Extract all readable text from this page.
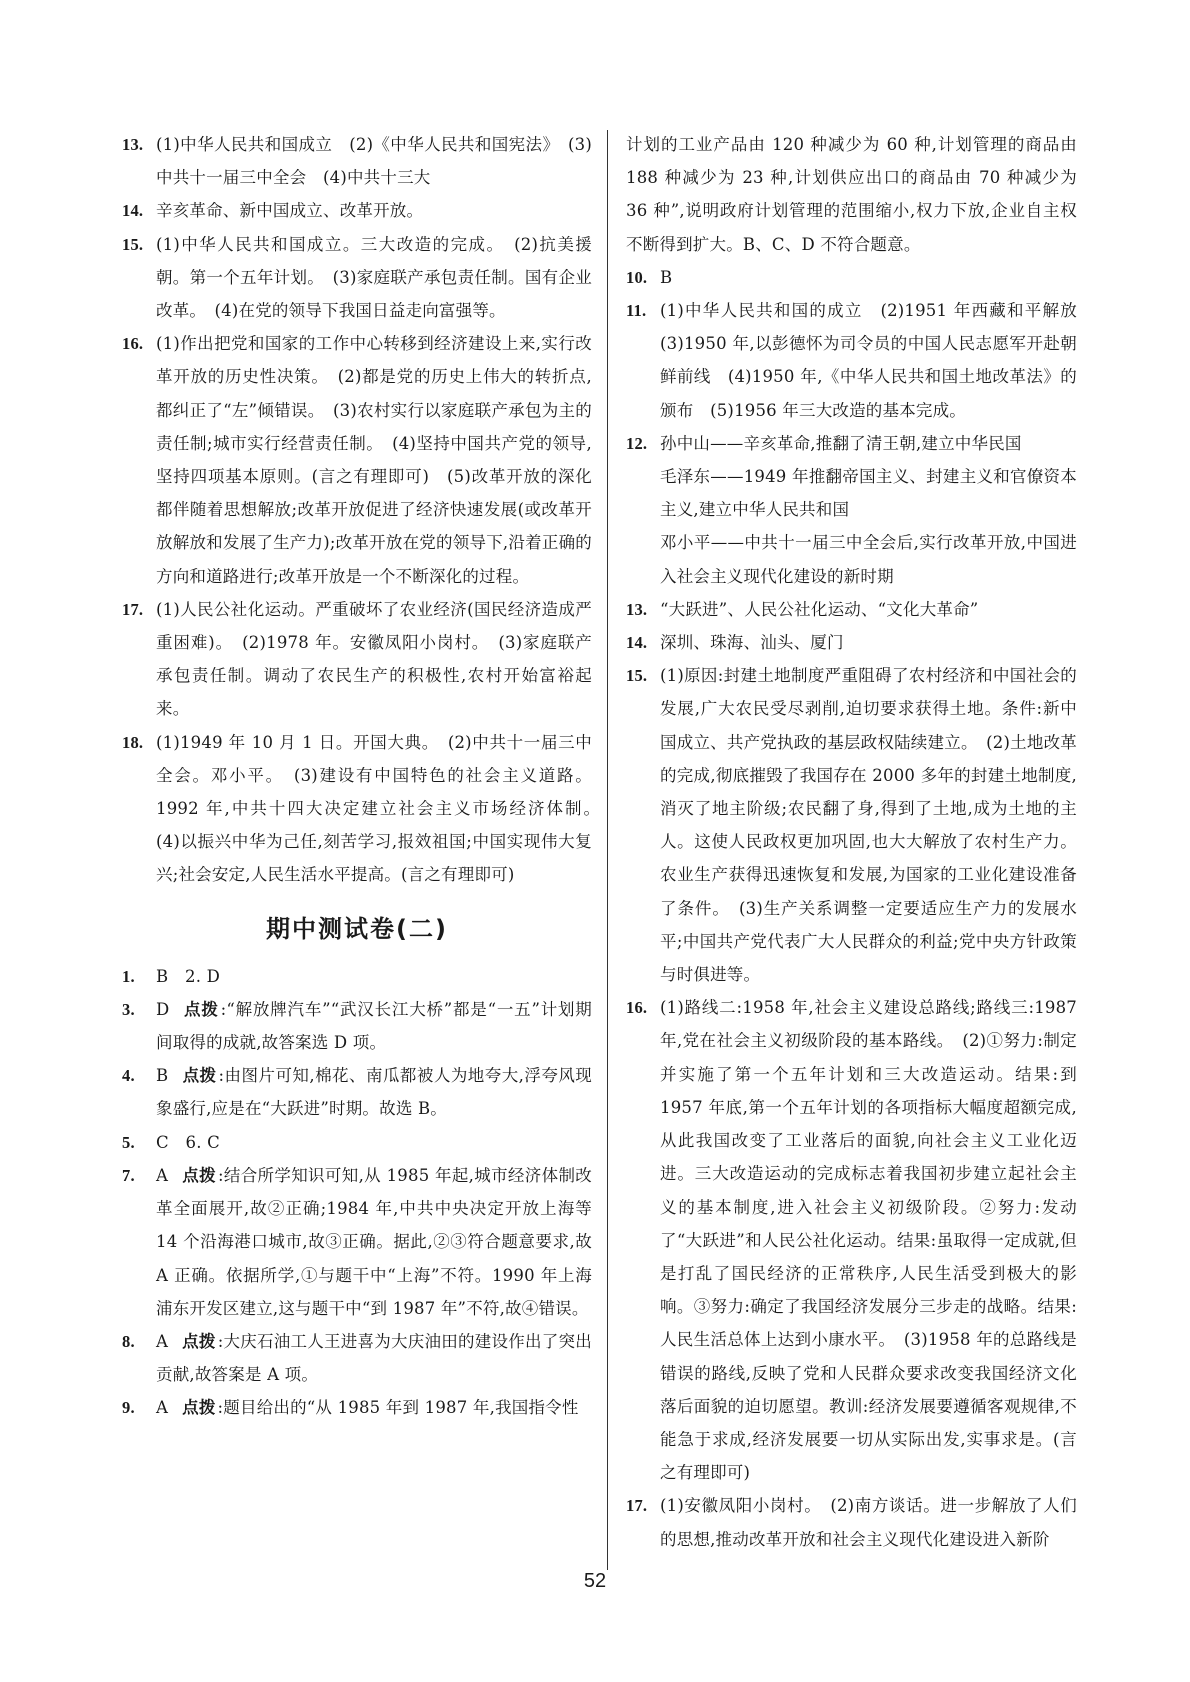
13. (1)中华人民共和国成立　(2)《中华人民共和国宪法》　(3)中共十一届三中全会　(4)中共十三大
14. 辛亥革命、新中国成立、改革开放。
15. (1)中华人民共和国成立。三大改造的完成。　(2)抗美援朝。第一个五年计划。　(3)家庭联产承包责任制。国有企业改革。　(4)在党的领导下我国日益走向富强等。
16. (1)作出把党和国家的工作中心转移到经济建设上来,实行改革开放的历史性决策。　(2)都是党的历史上伟大的转折点,都纠正了“左”倾错误。　(3)农村实行以家庭联产承包为主的责任制;城市实行经营责任制。　(4)坚持中国共产党的领导,坚持四项基本原则。(言之有理即可)　(5)改革开放的深化都伴随着思想解放;改革开放促进了经济快速发展(或改革开放解放和发展了生产力);改革开放在党的领导下,沿着正确的方向和道路进行;改革开放是一个不断深化的过程。
17. (1)人民公社化运动。严重破坏了农业经济(国民经济造成严重困难)。　(2)1978 年。安徽凤阳小岗村。　(3)家庭联产承包责任制。调动了农民生产的积极性,农村开始富裕起来。
18. (1)1949 年 10 月 1 日。开国大典。　(2)中共十一届三中全会。邓小平。　(3)建设有中国特色的社会主义道路。1992 年,中共十四大决定建立社会主义市场经济体制。　(4)以振兴中华为己任,刻苦学习,报效祖国;中国实现伟大复兴;社会安定,人民生活水平提高。(言之有理即可)
期中测试卷(二)
1. B　2. D
3. D 点拨 :“解放牌汽车”“武汉长江大桥”都是“一五”计划期间取得的成就,故答案选 D 项。
4. B 点拨 :由图片可知,棉花、南瓜都被人为地夸大,浮夸风现象盛行,应是在“大跃进”时期。故选 B。
5. C　6. C
7. A 点拨 :结合所学知识可知,从 1985 年起,城市经济体制改革全面展开,故②正确;1984 年,中共中央决定开放上海等 14 个沿海港口城市,故③正确。据此,②③符合题意要求,故 A 正确。依据所学,①与题干中“上海”不符。1990 年上海浦东开发区建立,这与题干中“到 1987 年”不符,故④错误。
8. A 点拨 :大庆石油工人王进喜为大庆油田的建设作出了突出贡献,故答案是 A 项。
9. A 点拨 :题目给出的“从 1985 年到 1987 年,我国指令性

计划的工业产品由 120 种减少为 60 种,计划管理的商品由 188 种减少为 23 种,计划供应出口的商品由 70 种减少为 36 种”,说明政府计划管理的范围缩小,权力下放,企业自主权不断得到扩大。B、C、D 不符合题意。

10. B
11. (1)中华人民共和国的成立　(2)1951 年西藏和平解放　(3)1950 年,以彭德怀为司令员的中国人民志愿军开赴朝鲜前线　(4)1950 年,《中华人民共和国土地改革法》的颁布　(5)1956 年三大改造的基本完成。
12. 孙中山——辛亥革命,推翻了清王朝,建立中华民国
毛泽东——1949 年推翻帝国主义、封建主义和官僚资本主义,建立中华人民共和国
邓小平——中共十一届三中全会后,实行改革开放,中国进入社会主义现代化建设的新时期
13. “大跃进”、人民公社化运动、“文化大革命”
14. 深圳、珠海、汕头、厦门
15. (1)原因:封建土地制度严重阻碍了农村经济和中国社会的发展,广大农民受尽剥削,迫切要求获得土地。条件:新中国成立、共产党执政的基层政权陆续建立。　(2)土地改革的完成,彻底摧毁了我国存在 2000 多年的封建土地制度,消灭了地主阶级;农民翻了身,得到了土地,成为土地的主人。这使人民政权更加巩固,也大大解放了农村生产力。农业生产获得迅速恢复和发展,为国家的工业化建设准备了条件。　(3)生产关系调整一定要适应生产力的发展水平;中国共产党代表广大人民群众的利益;党中央方针政策与时俱进等。
16. (1)路线二:1958 年,社会主义建设总路线;路线三:1987 年,党在社会主义初级阶段的基本路线。　(2)①努力:制定并实施了第一个五年计划和三大改造运动。结果:到 1957 年底,第一个五年计划的各项指标大幅度超额完成,从此我国改变了工业落后的面貌,向社会主义工业化迈进。三大改造运动的完成标志着我国初步建立起社会主义的基本制度,进入社会主义初级阶段。②努力:发动了“大跃进”和人民公社化运动。结果:虽取得一定成就,但是打乱了国民经济的正常秩序,人民生活受到极大的影响。③努力:确定了我国经济发展分三步走的战略。结果:人民生活总体上达到小康水平。　(3)1958 年的总路线是错误的路线,反映了党和人民群众要求改变我国经济文化落后面貌的迫切愿望。教训:经济发展要遵循客观规律,不能急于求成,经济发展要一切从实际出发,实事求是。(言之有理即可)
17. (1)安徽凤阳小岗村。　(2)南方谈话。进一步解放了人们的思想,推动改革开放和社会主义现代化建设进入新阶
52
